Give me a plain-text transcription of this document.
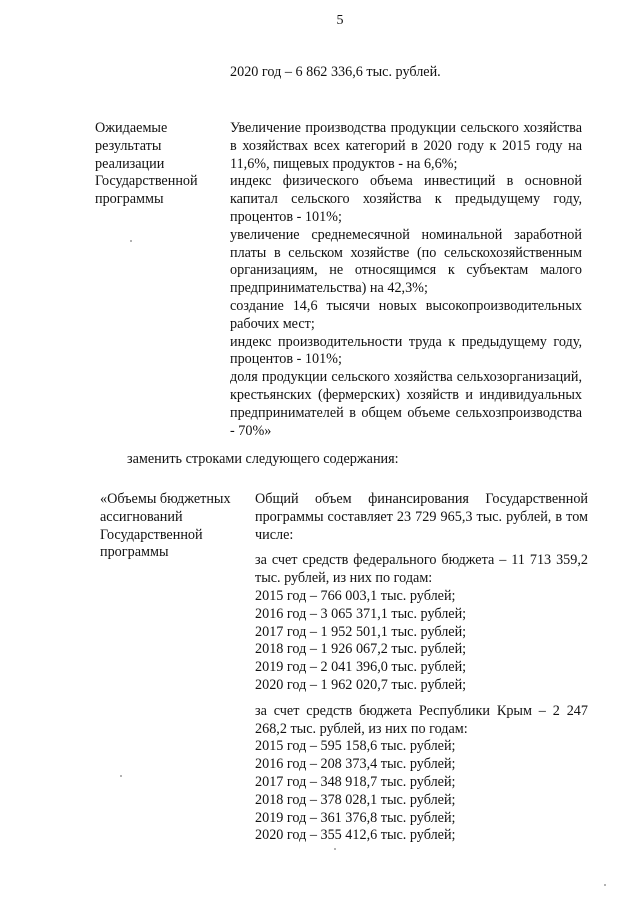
5
2020 год – 6 862 336,6 тыс. рублей.
Ожидаемые
результаты
реализации
Государственной
программы
Увеличение производства продукции сельского хозяйства в хозяйствах всех категорий в 2020 году к 2015 году на 11,6%, пищевых продуктов - на 6,6%;
индекс физического объема инвестиций в основной капитал сельского хозяйства к предыдущему году, процентов - 101%;
увеличение среднемесячной номинальной заработной платы в сельском хозяйстве (по сельскохозяйственным организациям, не относящимся к субъектам малого предпринимательства) на 42,3%;
создание 14,6 тысячи новых высокопроизводительных рабочих мест;
индекс производительности труда к предыдущему году, процентов - 101%;
доля продукции сельского хозяйства сельхозорганизаций, крестьянских (фермерских) хозяйств и индивидуальных предпринимателей в общем объеме сельхозпроизводства - 70%»
заменить строками следующего содержания:
«Объемы бюджетных
ассигнований
Государственной
программы
Общий объем финансирования Государственной программы составляет 23 729 965,3 тыс. рублей, в том числе:
за счет средств федерального бюджета – 11 713 359,2 тыс. рублей, из них по годам:
2015 год – 766 003,1 тыс. рублей;
2016 год – 3 065 371,1 тыс. рублей;
2017 год – 1 952 501,1 тыс. рублей;
2018 год – 1 926 067,2 тыс. рублей;
2019 год – 2 041 396,0 тыс. рублей;
2020 год – 1 962 020,7 тыс. рублей;
за счет средств бюджета Республики Крым – 2 247 268,2 тыс. рублей, из них по годам:
2015 год – 595 158,6 тыс. рублей;
2016 год – 208 373,4 тыс. рублей;
2017 год – 348 918,7 тыс. рублей;
2018 год – 378 028,1 тыс. рублей;
2019 год – 361 376,8 тыс. рублей;
2020 год – 355 412,6 тыс. рублей;
